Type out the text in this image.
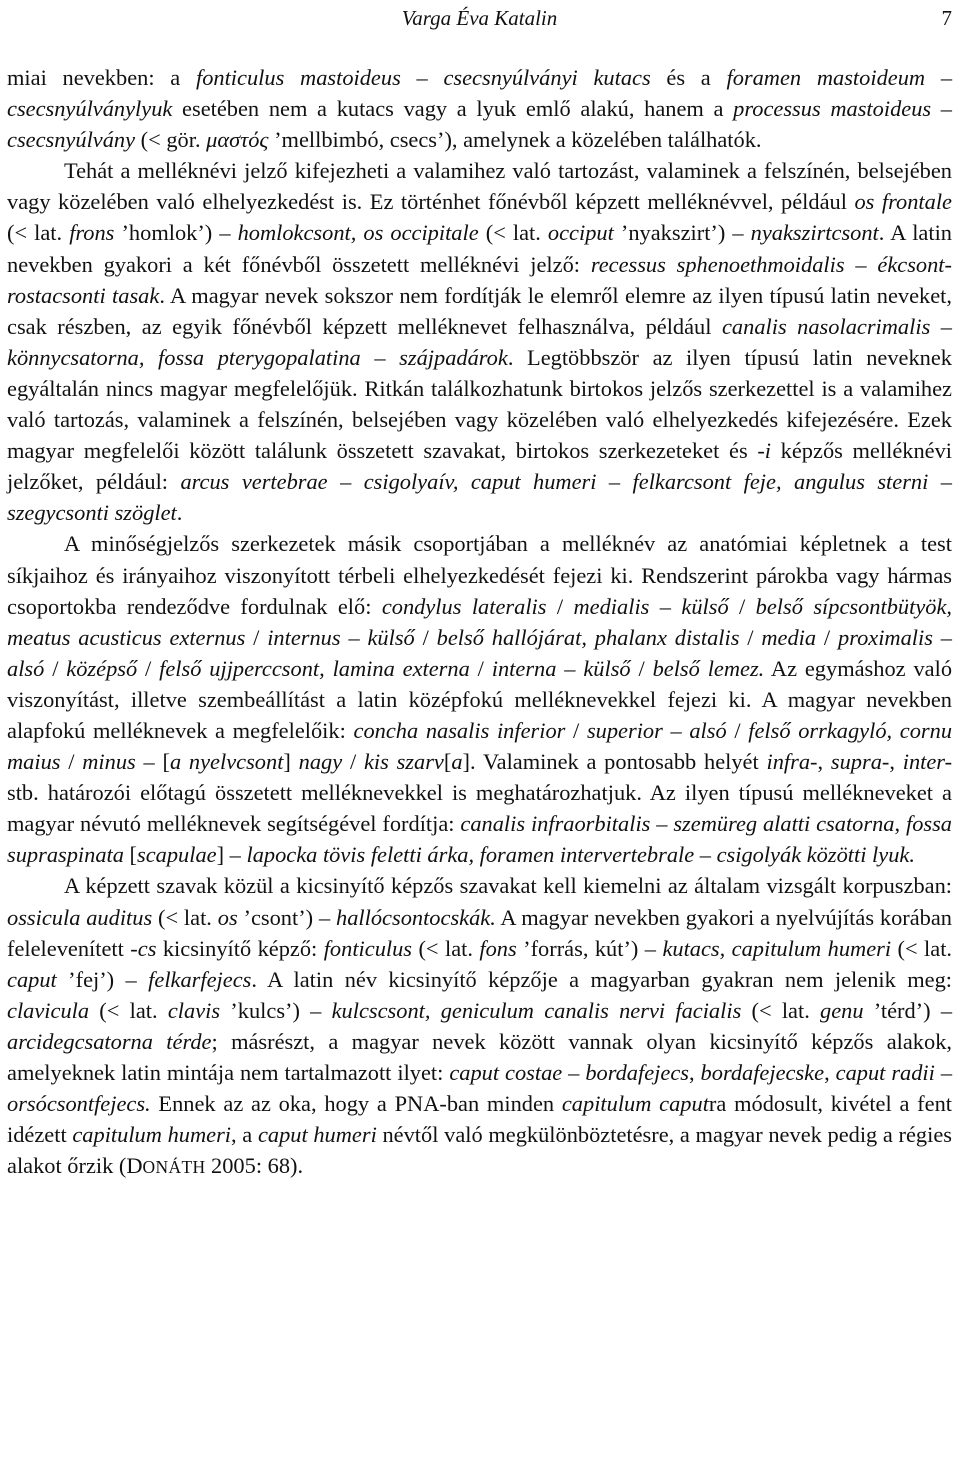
Varga Éva Katalin	7

miai nevekben: a fonticulus mastoideus – csecsnyúlványi kutacs és a foramen mastoideum – csecsnyúlványlyuk esetében nem a kutacs vagy a lyuk emlő alakú, hanem a processus mastoideus – csecsnyúlvány (< gör. μαστός ’mellbimbó, csecs’), amelynek a közelében találhatók.

Tehát a melléknévi jelző kifejezheti a valamihez való tartozást, valaminek a felszínén, belsejében vagy közelében való elhelyezkedést is. Ez történhet főnévből képzett melléknévvel, például os frontale (< lat. frons ’homlok’) – homlokcsont, os occipitale (< lat. occiput ’nyakszirt’) – nyakszirtcsont. A latin nevekben gyakori a két főnévből összetett melléknévi jelző: recessus sphenoethmoidalis – ékcsontrostacsonti tasak. A magyar nevek sokszor nem fordítják le elemről elemre az ilyen típusú latin neveket, csak részben, az egyik főnévből képzett melléknevet felhasználva, például canalis nasolacrimalis – könnycsatorna, fossa pterygopalatina – szájpadárok. Legtöbbször az ilyen típusú latin neveknek egyáltalán nincs magyar megfelelőjük. Ritkán találkozhatunk birtokos jelzős szerkezettel is a valamihez való tartozás, valaminek a felszínén, belsejében vagy közelében való elhelyezkedés kifejezésére. Ezek magyar megfelelői között találunk összetett szavakat, birtokos szerkezeteket és -i képzős melléknévi jelzőket, például: arcus vertebrae – csigolyaív, caput humeri – felkarcsont feje, angulus sterni – szegycsonti szöglet.

A minőségjelzős szerkezetek másik csoportjában a melléknév az anatómiai képletnek a test síkjaihoz és irányaihoz viszonyított térbeli elhelyezkedését fejezi ki. Rendszerint párokba vagy hármas csoportokba rendeződve fordulnak elő: condylus lateralis / medialis – külső / belső sípcsontbütyök, meatus acusticus externus / internus – külső / belső hallójárat, phalanx distalis / media / proximalis – alsó / középső / felső ujjperccsont, lamina externa / interna – külső / belső lemez. Az egymáshoz való viszonyítást, illetve szembeállítást a latin középfokú melléknevekkel fejezi ki. A magyar nevekben alapfokú melléknevek a megfelelőik: concha nasalis inferior / superior – alsó / felső orrkagyló, cornu maius / minus – [a nyelvcsont] nagy / kis szarv[a]. Valaminek a pontosabb helyét infra-, supra-, inter- stb. határozói előtagú összetett melléknevekkel is meghatározhatjuk. Az ilyen típusú mellékneveket a magyar névutó melléknevek segítségével fordítja: canalis infraorbitalis – szemüreg alatti csatorna, fossa supraspinata [scapulae] – lapocka tövis feletti árka, foramen intervertebrale – csigolyák közötti lyuk.

A képzett szavak közül a kicsinyítő képzős szavakat kell kiemelni az általam vizsgált korpuszban: ossicula auditus (< lat. os ’csont’) – hallócsontocskák. A magyar nevekben gyakori a nyelvújítás korában felelevenített -cs kicsinyítő képző: fonticulus (< lat. fons ’forrás, kút’) – kutacs, capitulum humeri (< lat. caput ’fej’) – felkarfejecs. A latin név kicsinyítő képzője a magyarban gyakran nem jelenik meg: clavicula (< lat. clavis ’kulcs’) – kulcscsont, geniculum canalis nervi facialis (< lat. genu ’térd’) – arcidegcsatorna térde; másrészt, a magyar nevek között vannak olyan kicsinyítő képzős alakok, amelyeknek latin mintája nem tartalmazott ilyet: caput costae – bordafejecs, bordafejecske, caput radii – orsócsontfejecs. Ennek az az oka, hogy a PNA-ban minden capitulum caputra módosult, kivétel a fent idézett capitulum humeri, a caput humeri névtől való megkülönböztetésre, a magyar nevek pedig a régies alakot őrzik (DONÁTH 2005: 68).
